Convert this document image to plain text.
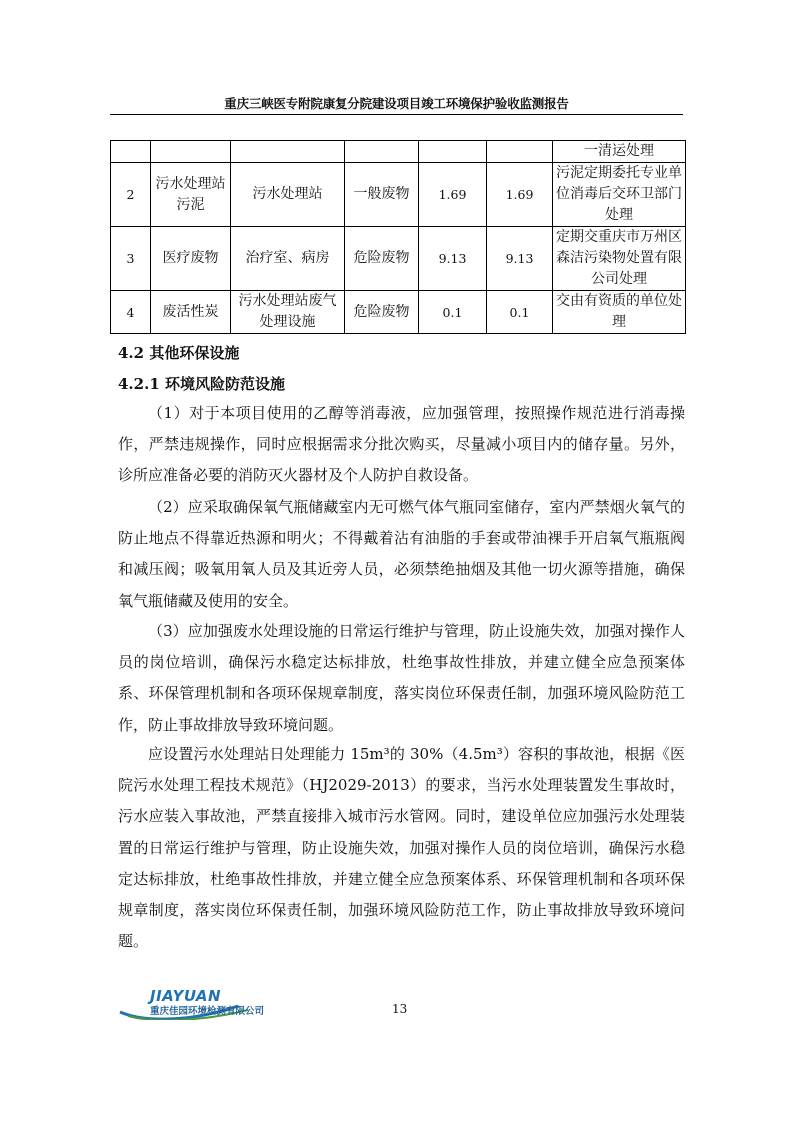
重庆三峡医专附院康复分院建设项目竣工环境保护验收监测报告
						一清运处理
2	污水处理站污泥	污水处理站	一般废物	1.69	1.69	污泥定期委托专业单位消毒后交环卫部门处理
3	医疗废物	治疗室、病房	危险废物	9.13	9.13	定期交重庆市万州区森洁污染物处置有限公司处理
4	废活性炭	污水处理站废气处理设施	危险废物	0.1	0.1	交由有资质的单位处理
4.2 其他环保设施
4.2.1 环境风险防范设施

（1）对于本项目使用的乙醇等消毒液，应加强管理，按照操作规范进行消毒操作，严禁违规操作，同时应根据需求分批次购买，尽量减小项目内的储存量。另外，诊所应准备必要的消防灭火器材及个人防护自救设备。

（2）应采取确保氧气瓶储藏室内无可燃气体气瓶同室储存，室内严禁烟火氧气的防止地点不得靠近热源和明火；不得戴着沾有油脂的手套或带油裸手开启氧气瓶瓶阀和减压阀；吸氧用氧人员及其近旁人员，必须禁绝抽烟及其他一切火源等措施，确保氧气瓶储藏及使用的安全。

（3）应加强废水处理设施的日常运行维护与管理，防止设施失效，加强对操作人员的岗位培训，确保污水稳定达标排放，杜绝事故性排放，并建立健全应急预案体系、环保管理机制和各项环保规章制度，落实岗位环保责任制，加强环境风险防范工作，防止事故排放导致环境问题。

应设置污水处理站日处理能力 15m³的 30%（4.5m³）容积的事故池，根据《医院污水处理工程技术规范》（HJ2029-2013）的要求，当污水处理装置发生事故时，污水应装入事故池，严禁直接排入城市污水管网。同时，建设单位应加强污水处理装置的日常运行维护与管理，防止设施失效，加强对操作人员的岗位培训，确保污水稳定达标排放，杜绝事故性排放，并建立健全应急预案体系、环保管理机制和各项环保规章制度，落实岗位环保责任制，加强环境风险防范工作，防止事故排放导致环境问题。

JIAYUAN
重庆佳园环境检测有限公司	13
